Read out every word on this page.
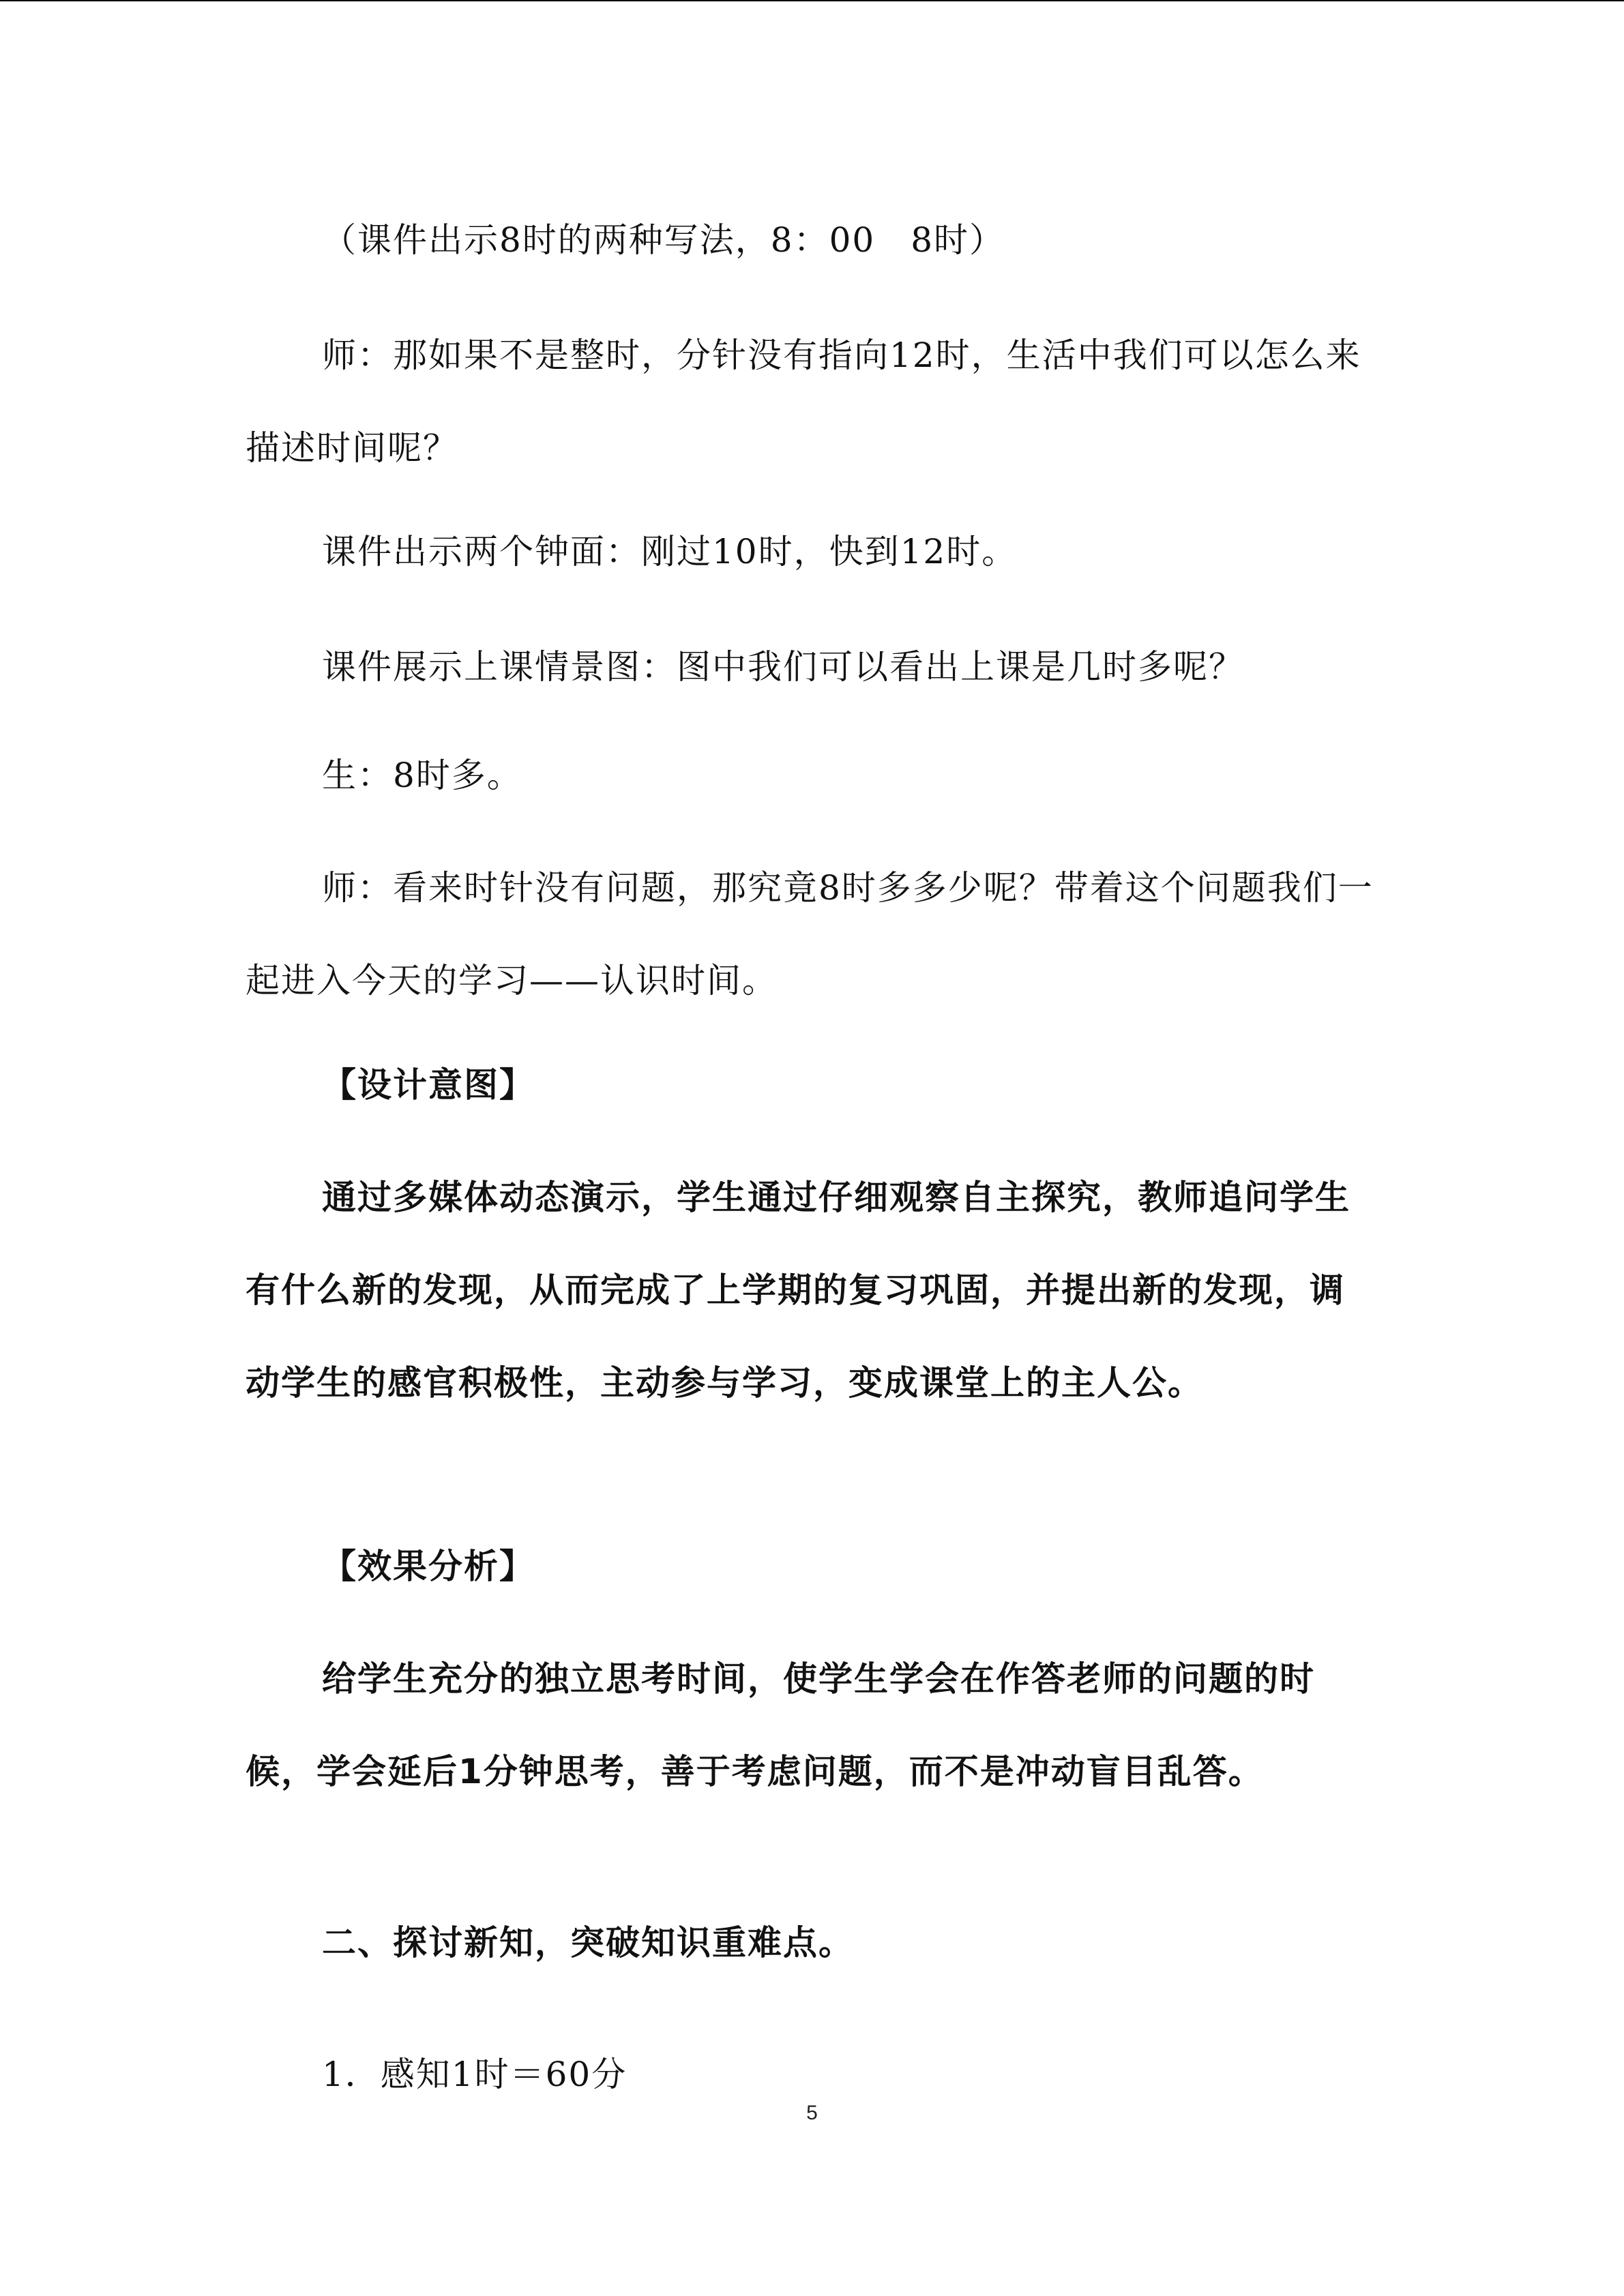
（课件出示8时的两种写法，8：00　8时）

师：那如果不是整时，分针没有指向12时，生活中我们可以怎么来描述时间呢？

课件出示两个钟面：刚过10时，快到12时。

课件展示上课情景图：图中我们可以看出上课是几时多呢？

生：8时多。

师：看来时针没有问题，那究竟8时多多少呢？带着这个问题我们一起进入今天的学习——认识时间。

【设计意图】

通过多媒体动态演示，学生通过仔细观察自主探究，教师追问学生有什么新的发现，从而完成了上学期的复习巩固，并提出新的发现，调动学生的感官积极性，主动参与学习，变成课堂上的主人公。

【效果分析】

给学生充分的独立思考时间，使学生学会在作答老师的问题的时候，学会延后1分钟思考，善于考虑问题，而不是冲动盲目乱答。

二、探讨新知，突破知识重难点。

1．感知1时＝60分

5
